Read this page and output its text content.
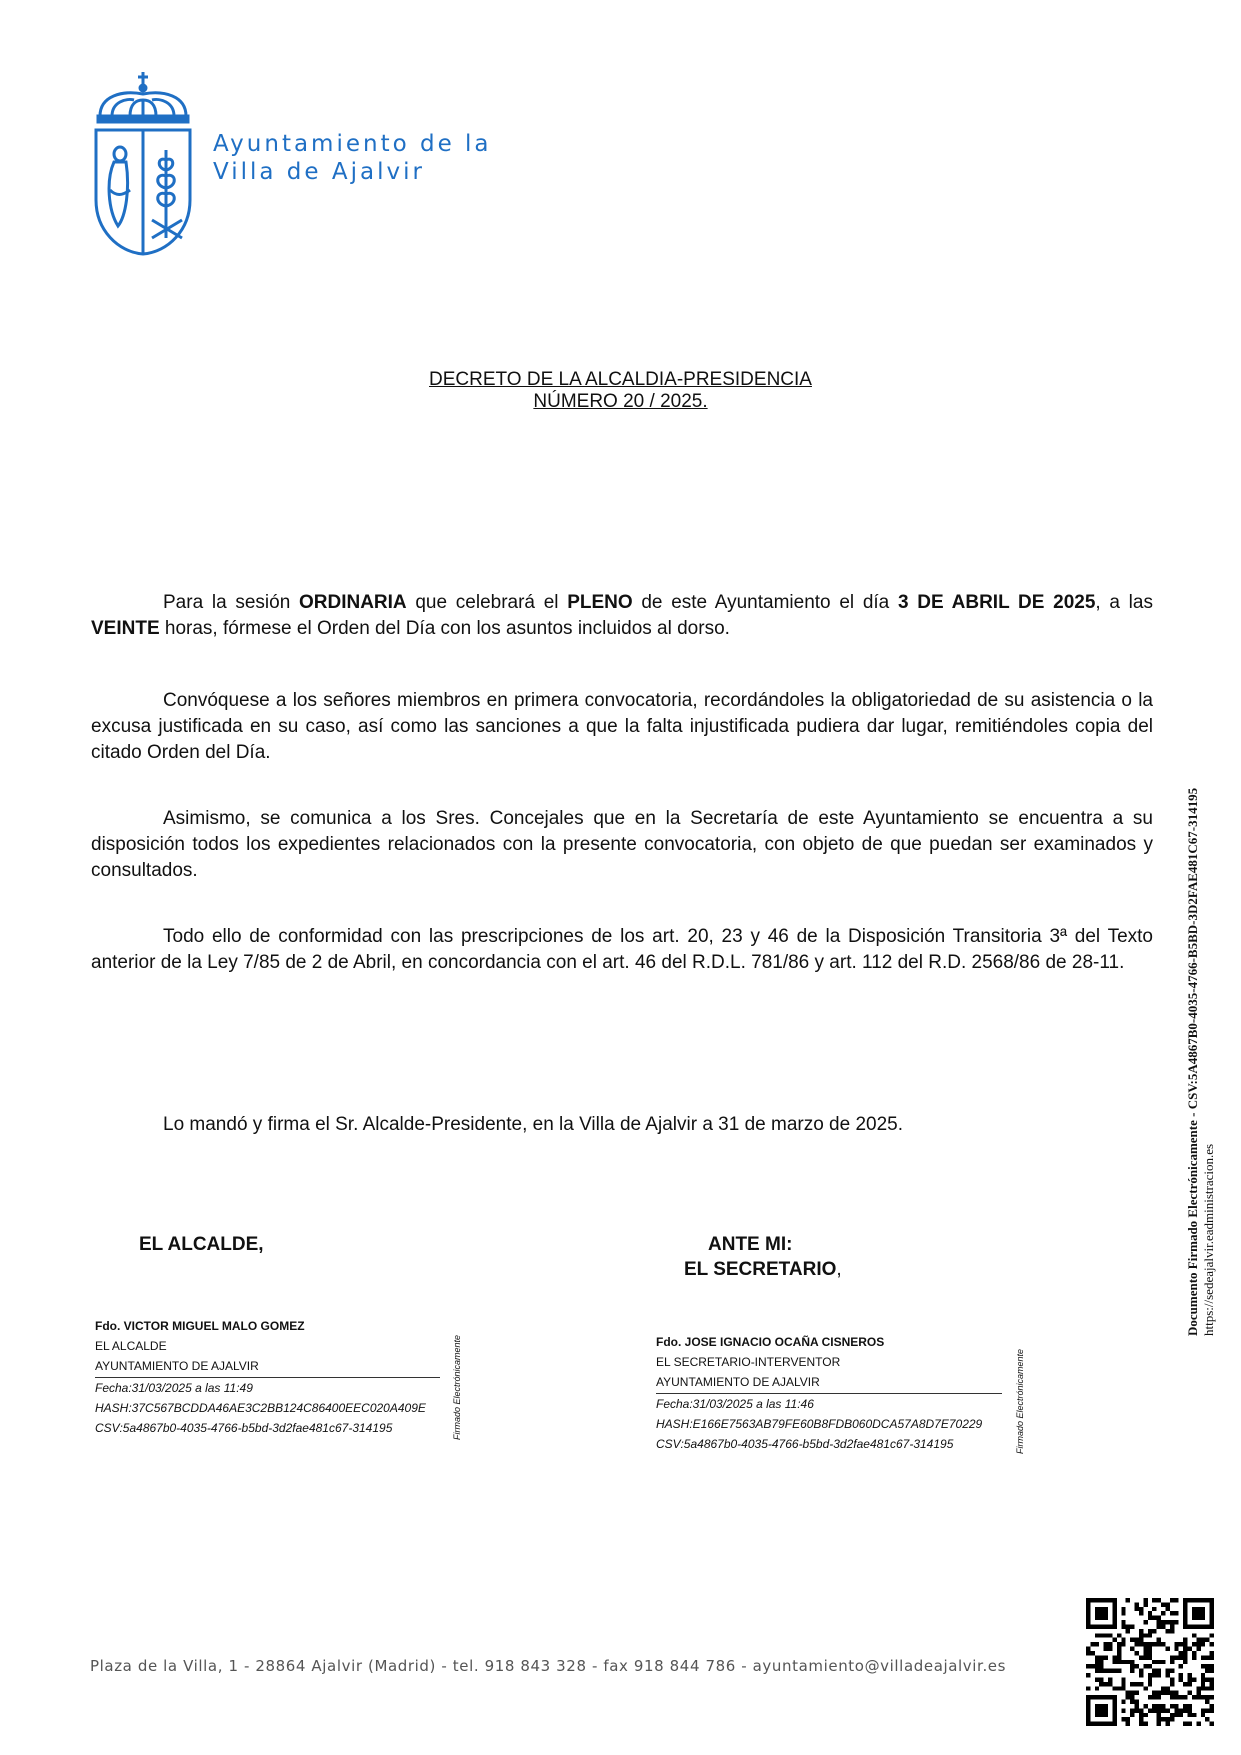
Ayuntamiento de la
Villa de Ajalvir
DECRETO DE LA ALCALDIA-PRESIDENCIA
NÚMERO 20 / 2025.

Para la sesión ORDINARIA que celebrará el PLENO de este Ayuntamiento el día 3 DE ABRIL DE 2025, a las VEINTE horas, fórmese el Orden del Día con los asuntos incluidos al dorso.

Convóquese a los señores miembros en primera convocatoria, recordándoles la obligatoriedad de su asistencia o la excusa justificada en su caso, así como las sanciones a que la falta injustificada pudiera dar lugar, remitiéndoles copia del citado Orden del Día.

Asimismo, se comunica a los Sres. Concejales que en la Secretaría de este Ayuntamiento se encuentra a su disposición todos los expedientes relacionados con la presente convocatoria, con objeto de que puedan ser examinados y consultados.

Todo ello de conformidad con las prescripciones de los art. 20, 23 y 46 de la Disposición Transitoria 3ª del Texto anterior de la Ley 7/85 de 2 de Abril, en concordancia con el art. 46 del R.D.L. 781/86 y art. 112 del R.D. 2568/86 de 28-11.

Lo mandó y firma el Sr. Alcalde-Presidente, en la Villa de Ajalvir a 31 de marzo de 2025.

EL ALCALDE,	ANTE MI:
EL SECRETARIO,
Fdo. VICTOR MIGUEL MALO GOMEZ
EL ALCALDE
AYUNTAMIENTO DE AJALVIR
Fecha:31/03/2025 a las 11:49
HASH:37C567BCDDA46AE3C2BB124C86400EEC020A409E
CSV:5a4867b0-4035-4766-b5bd-3d2fae481c67-314195	Firmado Electrónicamente	Fdo. JOSE IGNACIO OCAÑA CISNEROS
EL SECRETARIO-INTERVENTOR
AYUNTAMIENTO DE AJALVIR
Fecha:31/03/2025 a las 11:46
HASH:E166E7563AB79FE60B8FDB060DCA57A8D7E70229
CSV:5a4867b0-4035-4766-b5bd-3d2fae481c67-314195	Firmado Electrónicamente
Documento Firmado Electrónicamente - CSV:5A4867B0-4035-4766-B5BD-3D2FAE481C67-314195 https://sedeajalvir.eadministracion.es
Plaza de la Villa, 1 - 28864 Ajalvir (Madrid) - tel. 918 843 328 - fax 918 844 786 - ayuntamiento@villadeajalvir.es
